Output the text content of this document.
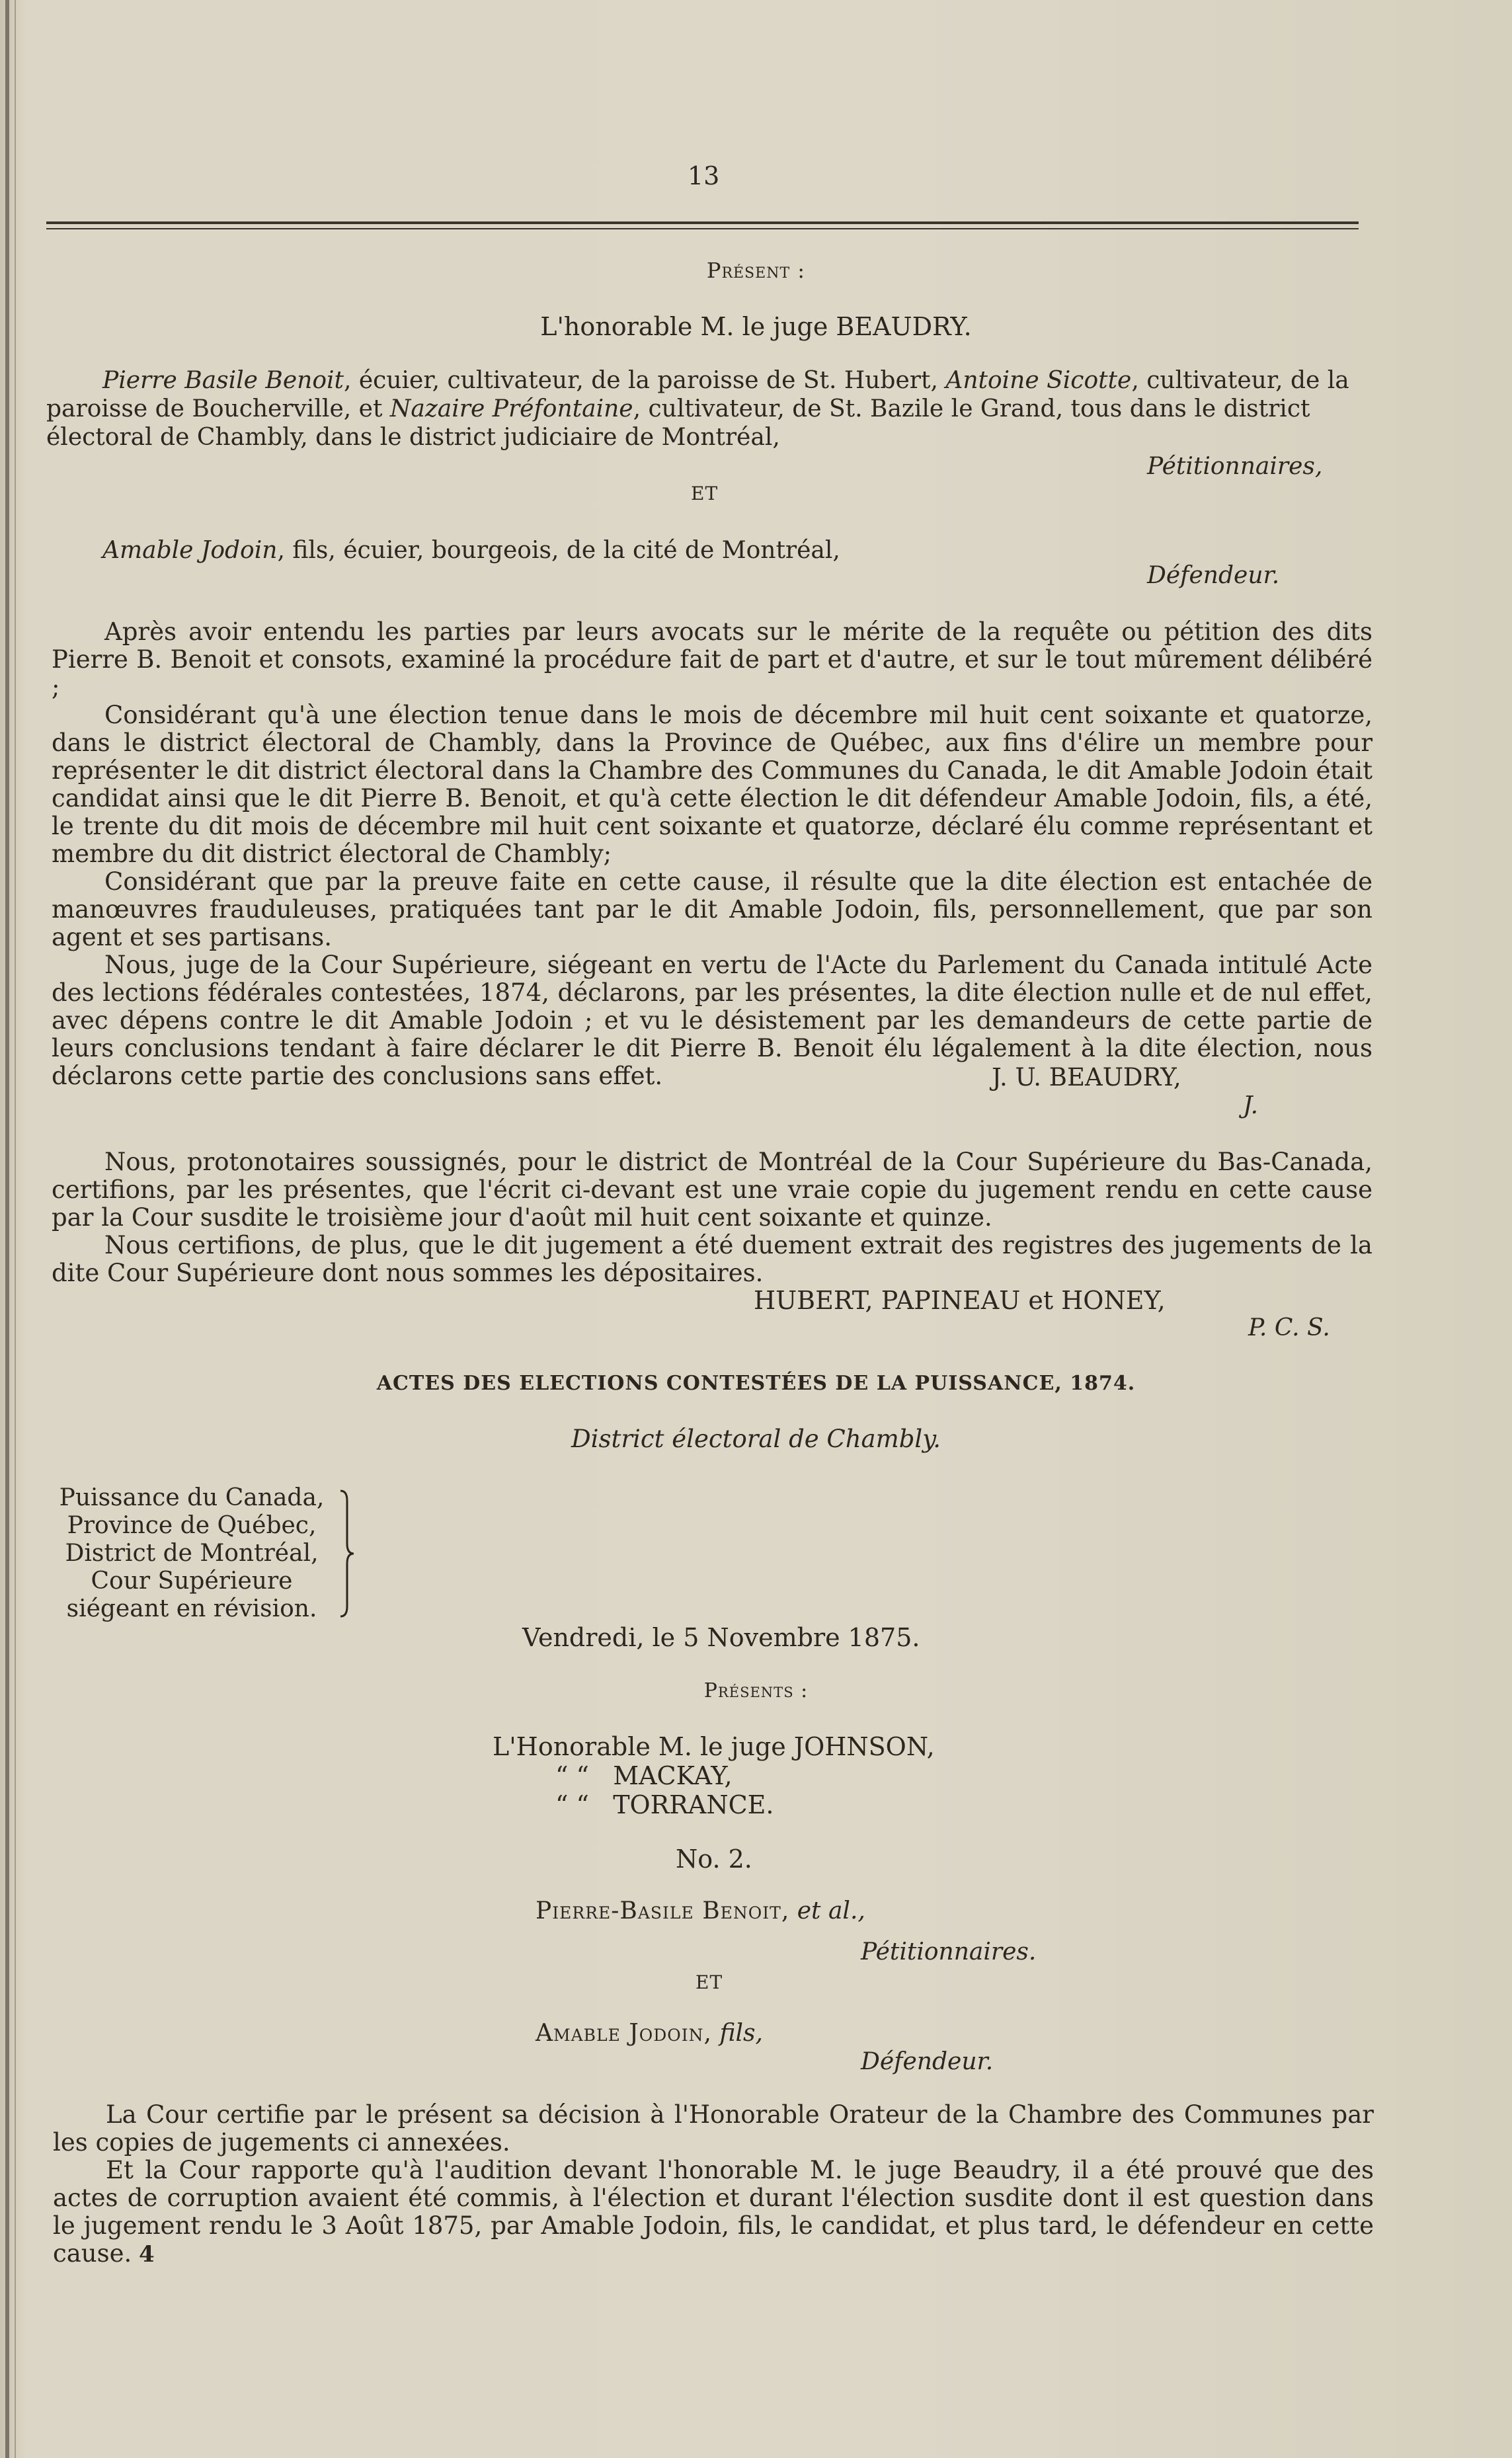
13
Présent :
L'honorable M. le juge BEAUDRY.
Pierre Basile Benoit, écuier, cultivateur, de la paroisse de St. Hubert, Antoine Sicotte, cultivateur, de la
paroisse de Boucherville, et Nazaire Préfontaine, cultivateur, de St. Bazile le Grand, tous dans le district
électoral de Chambly, dans le district judiciaire de Montréal,
Pétitionnaires,
ET
Amable Jodoin, fils, écuier, bourgeois, de la cité de Montréal,
Défendeur.

Après avoir entendu les parties par leurs avocats sur le mérite de la requête ou pétition des dits Pierre B. Benoit et consots, examiné la procédure fait de part et d'autre, et sur le tout mûrement délibéré ;

Considérant qu'à une élection tenue dans le mois de décembre mil huit cent soixante et quatorze, dans le district électoral de Chambly, dans la Province de Québec, aux fins d'élire un membre pour représenter le dit district électoral dans la Chambre des Communes du Canada, le dit Amable Jodoin était candidat ainsi que le dit Pierre B. Benoit, et qu'à cette élection le dit défendeur Amable Jodoin, fils, a été, le trente du dit mois de décembre mil huit cent soixante et quatorze, déclaré élu comme représentant et membre du dit district électoral de Chambly;

Considérant que par la preuve faite en cette cause, il résulte que la dite élection est entachée de manœuvres frauduleuses, pratiquées tant par le dit Amable Jodoin, fils, personnellement, que par son agent et ses partisans.

Nous, juge de la Cour Supérieure, siégeant en vertu de l'Acte du Parlement du Canada intitulé Acte des lections fédérales contestées, 1874, déclarons, par les présentes, la dite élection nulle et de nul effet, avec dépens contre le dit Amable Jodoin ; et vu le désistement par les demandeurs de cette partie de leurs conclusions tendant à faire déclarer le dit Pierre B. Benoit élu légalement à la dite élection, nous déclarons cette partie des conclusions sans effet.	J. U. BEAUDRY,
J.

Nous, protonotaires soussignés, pour le district de Montréal de la Cour Supérieure du Bas-Canada, certifions, par les présentes, que l'écrit ci-devant est une vraie copie du jugement rendu en cette cause par la Cour susdite le troisième jour d'août mil huit cent soixante et quinze.

Nous certifions, de plus, que le dit jugement a été duement extrait des registres des jugements de la dite Cour Supérieure dont nous sommes les dépositaires.

HUBERT, PAPINEAU et HONEY,
P. C. S.
ACTES DES ELECTIONS CONTESTÉES DE LA PUISSANCE, 1874.
District électoral de Chambly.
Puissance du Canada,
Province de Québec,
District de Montréal,
Cour Supérieure
siégeant en révision.
Vendredi, le 5 Novembre 1875.
Présents :
L'Honorable M. le juge JOHNSON,
“ “ MACKAY,
“ “ TORRANCE.
No. 2.
Pierre-Basile Benoit, et al.,
Pétitionnaires.
ET
Amable Jodoin, fils,
Défendeur.

La Cour certifie par le présent sa décision à l'Honorable Orateur de la Chambre des Communes par les copies de jugements ci annexées.

Et la Cour rapporte qu'à l'audition devant l'honorable M. le juge Beaudry, il a été prouvé que des actes de corruption avaient été commis, à l'élection et durant l'élection susdite dont il est question dans le jugement rendu le 3 Août 1875, par Amable Jodoin, fils, le candidat, et plus tard, le défendeur en cette cause. 4
